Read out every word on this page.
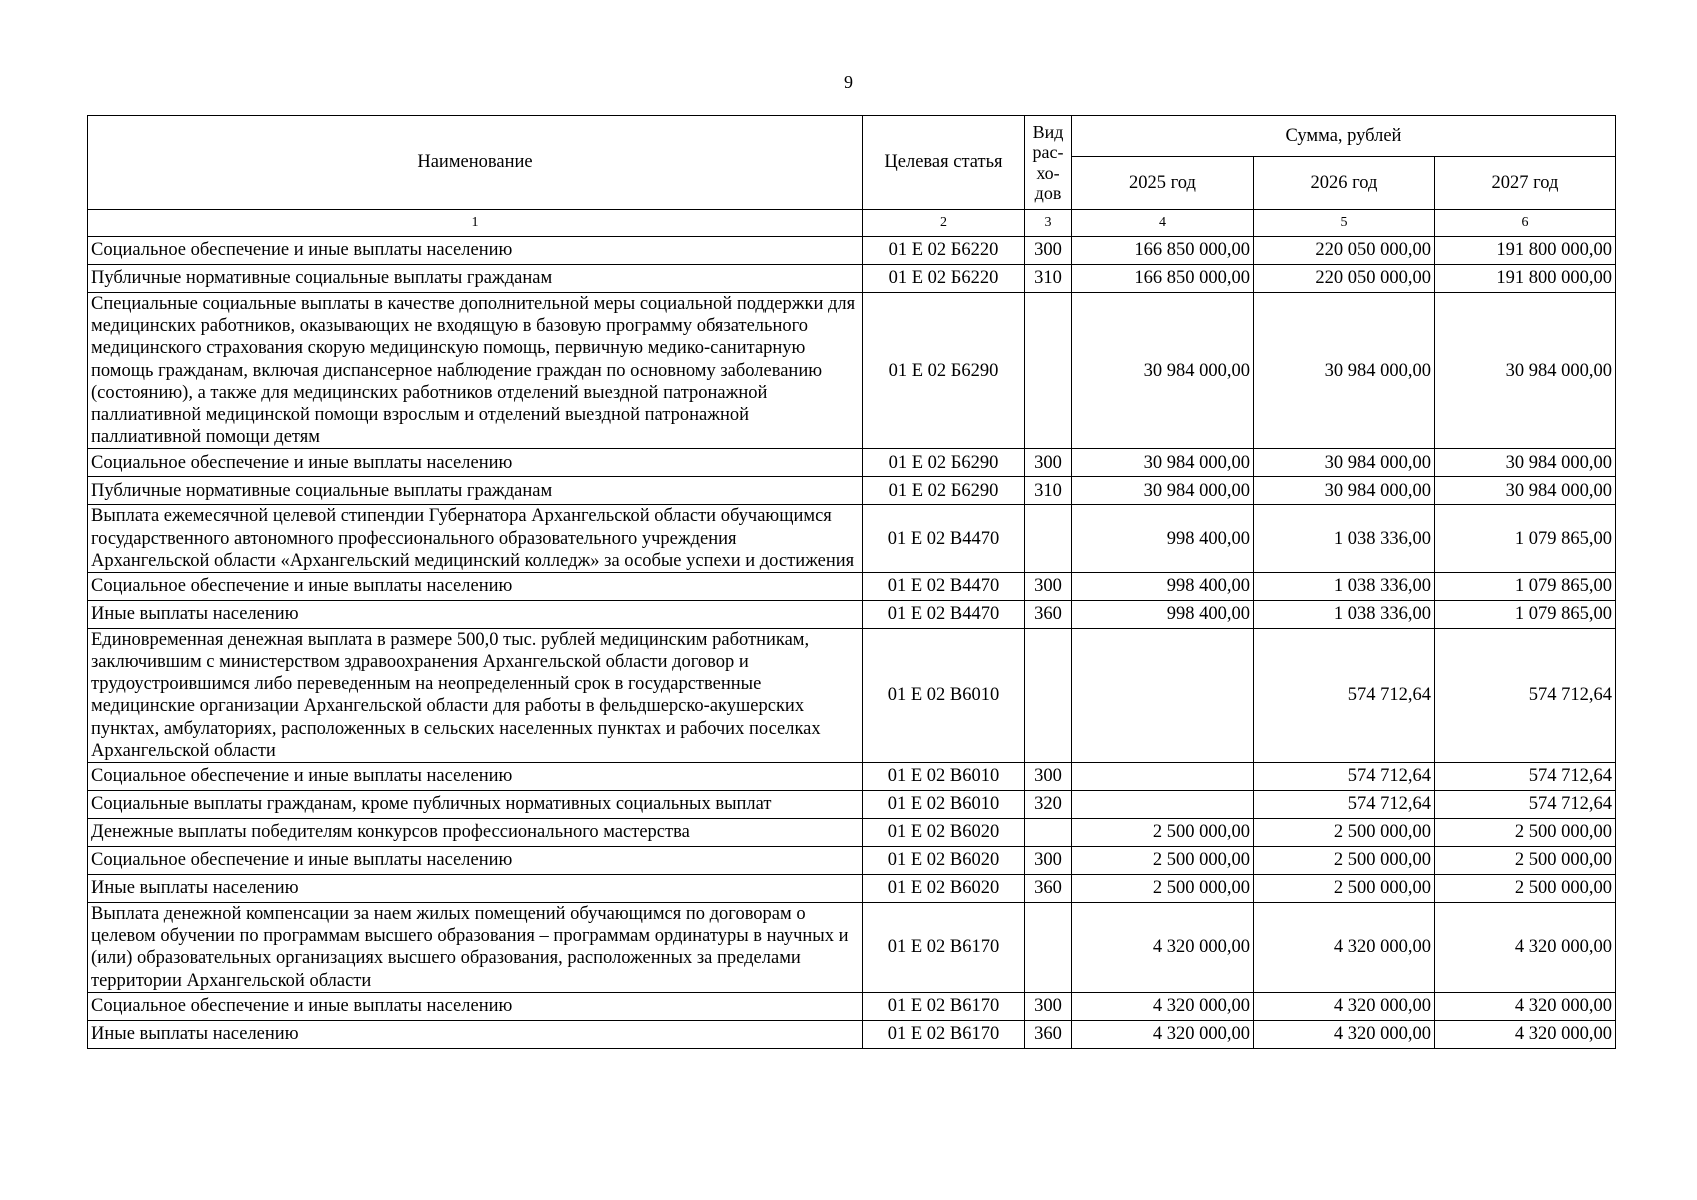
9
Наименование	Целевая статья	Вид рас-хо-дов	Сумма, рублей		
			2025 год	2026 год	2027 год
1	2	3	4	5	6
Социальное обеспечение и иные выплаты населению	01 Е 02 Б6220	300	166 850 000,00	220 050 000,00	191 800 000,00
Публичные нормативные социальные выплаты гражданам	01 Е 02 Б6220	310	166 850 000,00	220 050 000,00	191 800 000,00
Специальные социальные выплаты в качестве дополнительной меры социальной поддержки для медицинских работников, оказывающих не входящую в базовую программу обязательного медицинского страхования скорую медицинскую помощь, первичную медико-санитарную помощь гражданам, включая диспансерное наблюдение граждан по основному заболеванию (состоянию), а также для медицинских работников отделений выездной патронажной паллиативной медицинской помощи взрослым и отделений выездной патронажной паллиативной помощи детям	01 Е 02 Б6290		30 984 000,00	30 984 000,00	30 984 000,00
Социальное обеспечение и иные выплаты населению	01 Е 02 Б6290	300	30 984 000,00	30 984 000,00	30 984 000,00
Публичные нормативные социальные выплаты гражданам	01 Е 02 Б6290	310	30 984 000,00	30 984 000,00	30 984 000,00
Выплата ежемесячной целевой стипендии Губернатора Архангельской области обучающимся государственного автономного профессионального образовательного учреждения Архангельской области «Архангельский медицинский колледж» за особые успехи и достижения	01 Е 02 В4470		998 400,00	1 038 336,00	1 079 865,00
Социальное обеспечение и иные выплаты населению	01 Е 02 В4470	300	998 400,00	1 038 336,00	1 079 865,00
Иные выплаты населению	01 Е 02 В4470	360	998 400,00	1 038 336,00	1 079 865,00
Единовременная денежная выплата в размере 500,0 тыс. рублей медицинским работникам, заключившим с министерством здравоохранения Архангельской области договор и трудоустроившимся либо переведенным на неопределенный срок в государственные медицинские организации Архангельской области для работы в фельдшерско-акушерских пунктах, амбулаториях, расположенных в сельских населенных пунктах и рабочих поселках Архангельской области	01 Е 02 В6010			574 712,64	574 712,64
Социальное обеспечение и иные выплаты населению	01 Е 02 В6010	300		574 712,64	574 712,64
Социальные выплаты гражданам, кроме публичных нормативных социальных выплат	01 Е 02 В6010	320		574 712,64	574 712,64
Денежные выплаты победителям конкурсов профессионального мастерства	01 Е 02 В6020		2 500 000,00	2 500 000,00	2 500 000,00
Социальное обеспечение и иные выплаты населению	01 Е 02 В6020	300	2 500 000,00	2 500 000,00	2 500 000,00
Иные выплаты населению	01 Е 02 В6020	360	2 500 000,00	2 500 000,00	2 500 000,00
Выплата денежной компенсации за наем жилых помещений обучающимся по договорам о целевом обучении по программам высшего образования – программам ординатуры в научных и (или) образовательных организациях высшего образования, расположенных за пределами территории Архангельской области	01 Е 02 В6170		4 320 000,00	4 320 000,00	4 320 000,00
Социальное обеспечение и иные выплаты населению	01 Е 02 В6170	300	4 320 000,00	4 320 000,00	4 320 000,00
Иные выплаты населению	01 Е 02 В6170	360	4 320 000,00	4 320 000,00	4 320 000,00
